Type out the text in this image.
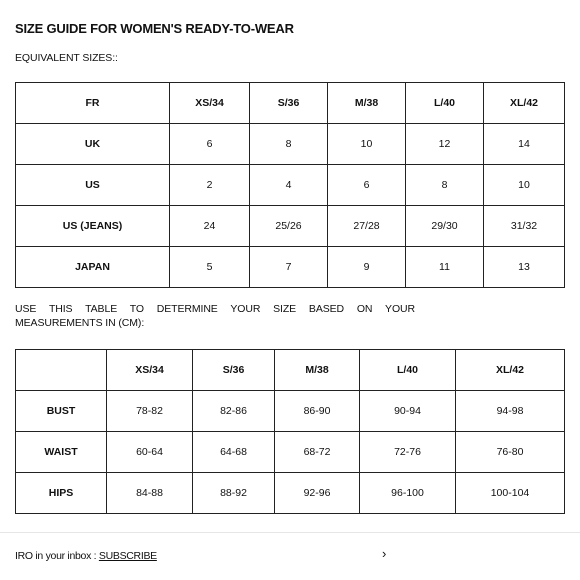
SIZE GUIDE FOR WOMEN'S READY-TO-WEAR
EQUIVALENT SIZES::
FR	XS/34	S/36	M/38	L/40	XL/42
UK	6	8	10	12	14
US	2	4	6	8	10
US (JEANS)	24	25/26	27/28	29/30	31/32
JAPAN	5	7	9	11	13
USE THIS TABLE TO DETERMINE YOUR SIZE BASED ON YOUR MEASUREMENTS IN (CM):
	XS/34	S/36	M/38	L/40	XL/42
BUST	78-82	82-86	86-90	90-94	94-98
WAIST	60-64	64-68	68-72	72-76	76-80
HIPS	84-88	88-92	92-96	96-100	100-104
IRO in your inbox : SUBSCRIBE	›
